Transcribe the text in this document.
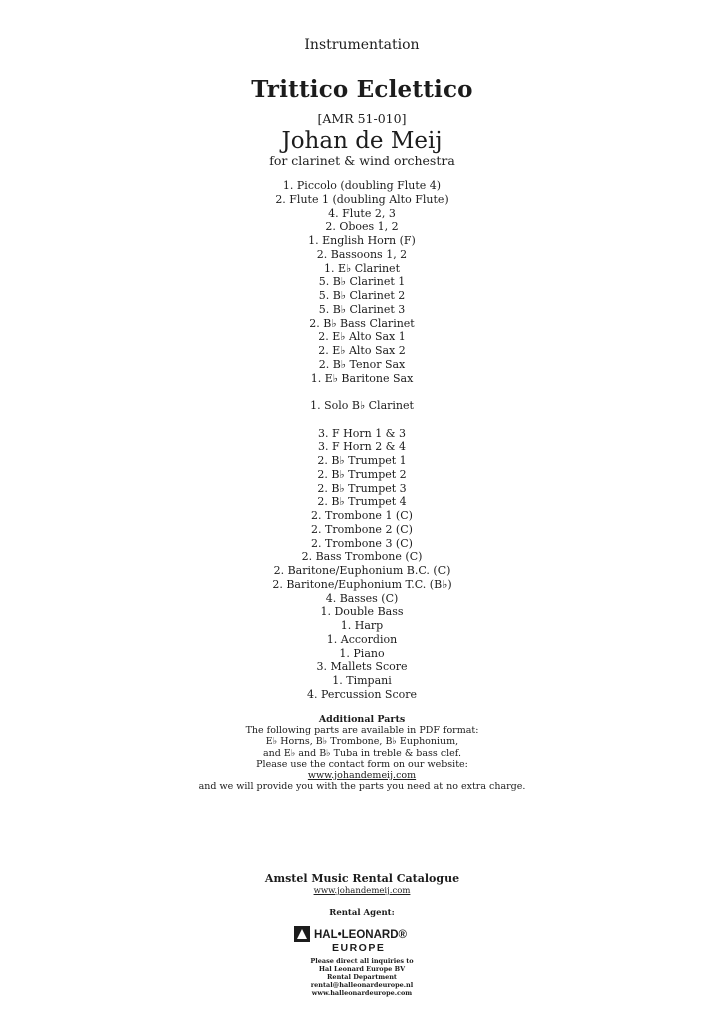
Instrumentation
Trittico Eclettico
[AMR 51-010]
Johan de Meij
for clarinet & wind orchestra
1. Piccolo (doubling Flute 4)
2. Flute 1 (doubling Alto Flute)
4. Flute 2, 3
2. Oboes 1, 2
1. English Horn (F)
2. Bassoons 1, 2
1. E♭ Clarinet
5. B♭ Clarinet 1
5. B♭ Clarinet 2
5. B♭ Clarinet 3
2. B♭ Bass Clarinet
2. E♭ Alto Sax 1
2. E♭ Alto Sax 2
2. B♭ Tenor Sax
1. E♭ Baritone Sax
1. Solo B♭ Clarinet
3. F Horn 1 & 3
3. F Horn 2 & 4
2. B♭ Trumpet 1
2. B♭ Trumpet 2
2. B♭ Trumpet 3
2. B♭ Trumpet 4
2. Trombone 1 (C)
2. Trombone 2 (C)
2. Trombone 3 (C)
2. Bass Trombone (C)
2. Baritone/Euphonium B.C. (C)
2. Baritone/Euphonium T.C. (B♭)
4. Basses (C)
1. Double Bass
1. Harp
1. Accordion
1. Piano
3. Mallets Score
1. Timpani
4. Percussion Score
Additional Parts
The following parts are available in PDF format:
E♭ Horns, B♭ Trombone, B♭ Euphonium,
and E♭ and B♭ Tuba in treble & bass clef.
Please use the contact form on our website:
www.johandemeij.com
and we will provide you with the parts you need at no extra charge.
Amstel Music Rental Catalogue
www.johandemeij.com
Rental Agent:
HAL•LEONARD®
EUROPE
Please direct all inquiries to
Hal Leonard Europe BV
Rental Department
rental@halleonardeurope.nl
www.halleonardeurope.com
